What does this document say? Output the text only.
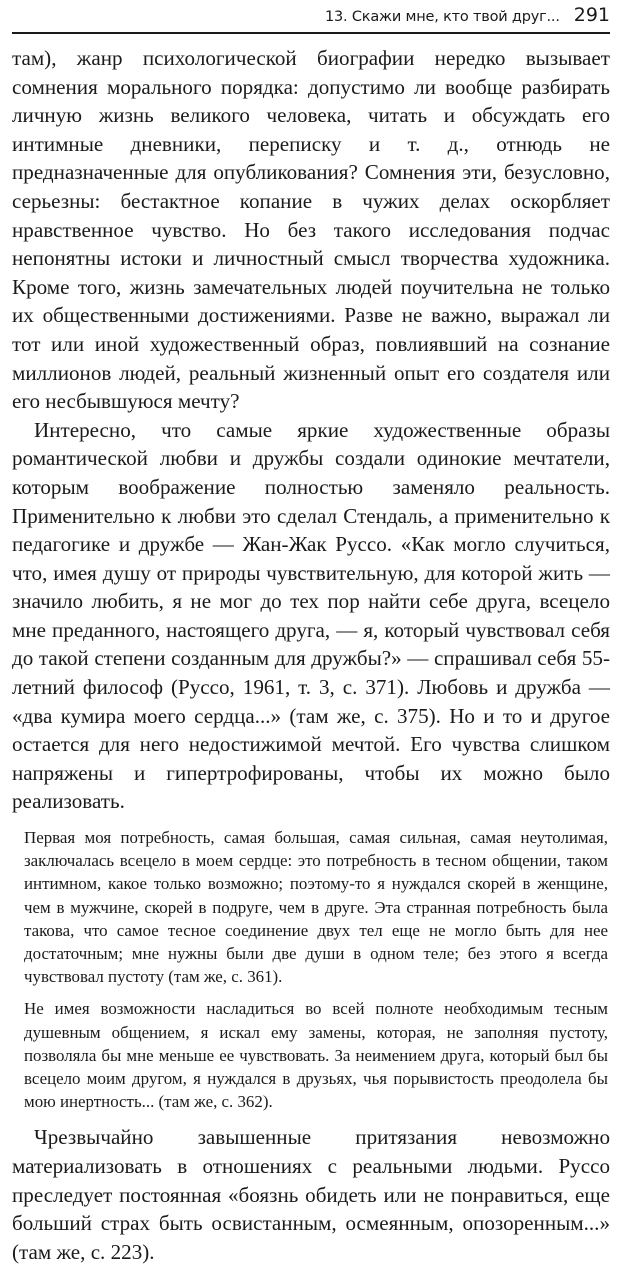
13. Скажи мне, кто твой друг... 291

там), жанр психологической биографии нередко вызывает сомнения морального порядка: допустимо ли вообще разбирать личную жизнь великого человека, читать и обсуждать его интимные дневники, переписку и т. д., отнюдь не предназначенные для опубликования? Сомнения эти, безусловно, серьезны: бестактное копание в чужих делах оскорбляет нравственное чувство. Но без такого исследования подчас непонятны истоки и личностный смысл творчества художника. Кроме того, жизнь замечательных людей поучительна не только их общественными достижениями. Разве не важно, выражал ли тот или иной художественный образ, повлиявший на сознание миллионов людей, реальный жизненный опыт его создателя или его несбывшуюся мечту?

Интересно, что самые яркие художественные образы романтической любви и дружбы создали одинокие мечтатели, которым воображение полностью заменяло реальность. Применительно к любви это сделал Стендаль, а применительно к педагогике и дружбе — Жан-Жак Руссо. «Как могло случиться, что, имея душу от природы чувствительную, для которой жить — значило любить, я не мог до тех пор найти себе друга, всецело мне преданного, настоящего друга, — я, который чувствовал себя до такой степени созданным для дружбы?» — спрашивал себя 55-летний философ (Руссо, 1961, т. 3, с. 371). Любовь и дружба — «два кумира моего сердца...» (там же, с. 375). Но и то и другое остается для него недостижимой мечтой. Его чувства слишком напряжены и гипертрофированы, чтобы их можно было реализовать.

Первая моя потребность, самая большая, самая сильная, самая неутолимая, заключалась всецело в моем сердце: это потребность в тесном общении, таком интимном, какое только возможно; поэтому-то я нуждался скорей в женщине, чем в мужчине, скорей в подруге, чем в друге. Эта странная потребность была такова, что самое тесное соединение двух тел еще не могло быть для нее достаточным; мне нужны были две души в одном теле; без этого я всегда чувствовал пустоту (там же, с. 361).

Не имея возможности насладиться во всей полноте необходимым тесным душевным общением, я искал ему замены, которая, не заполняя пустоту, позволяла бы мне меньше ее чувствовать. За неимением друга, который был бы всецело моим другом, я нуждался в друзьях, чья порывистость преодолела бы мою инертность... (там же, с. 362).

Чрезвычайно завышенные притязания невозможно материализовать в отношениях с реальными людьми. Руссо преследует постоянная «боязнь обидеть или не понравиться, еще больший страх быть освистанным, осмеянным, опозоренным...» (там же, с. 223).
